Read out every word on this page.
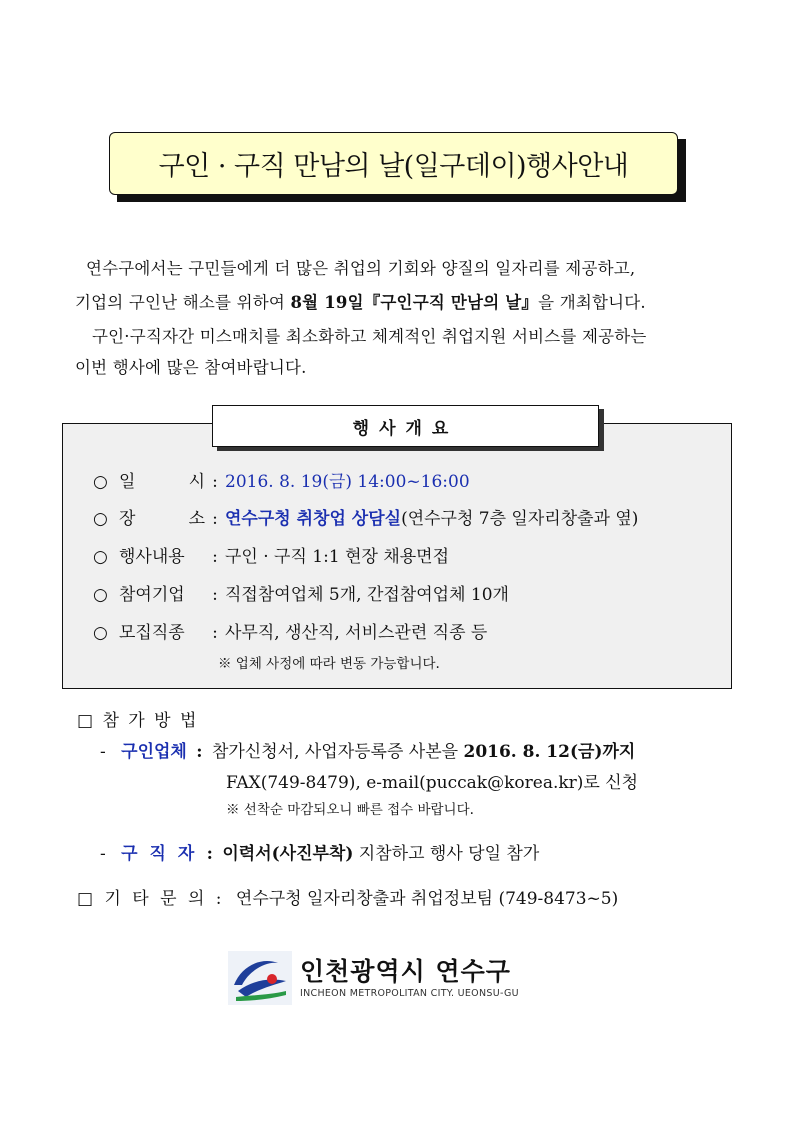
구인 · 구직 만남의 날(일구데이)행사안내
연수구에서는 구민들에게 더 많은 취업의 기회와 양질의 일자리를 제공하고,
기업의 구인난 해소를 위하여 8월 19일『구인구직 만남의 날』을 개최합니다.
구인·구직자간 미스매치를 최소화하고 체계적인 취업지원 서비스를 제공하는
이번 행사에 많은 참여바랍니다.
행사개요
○ 일 시 : 2016. 8. 19(금) 14:00~16:00
○ 장 소 : 연수구청 취창업 상담실 (연수구청 7층 일자리창출과 옆)
○ 행사내용	: 구인 · 구직 1:1 현장 채용면접
○ 참여기업	: 직접참여업체 5개, 간접참여업체 10개
○ 모집직종	: 사무직, 생산직, 서비스관련 직종 등
※ 업체 사정에 따라 변동 가능합니다.
□ 참 가 방 법
- 구인업체 : 참가신청서, 사업자등록증 사본을 2016. 8. 12(금)까지
FAX(749-8479), e-mail(puccak@korea.kr)로 신청
※ 선착순 마감되오니 빠른 접수 바랍니다.
- 구 직 자 : 이력서(사진부착) 지참하고 행사 당일 참가
□ 기 타 문 의 : 연수구청 일자리창출과 취업정보팀 (749-8473~5)
인천광역시 연수구
INCHEON METROPOLITAN CITY. UEONSU-GU
